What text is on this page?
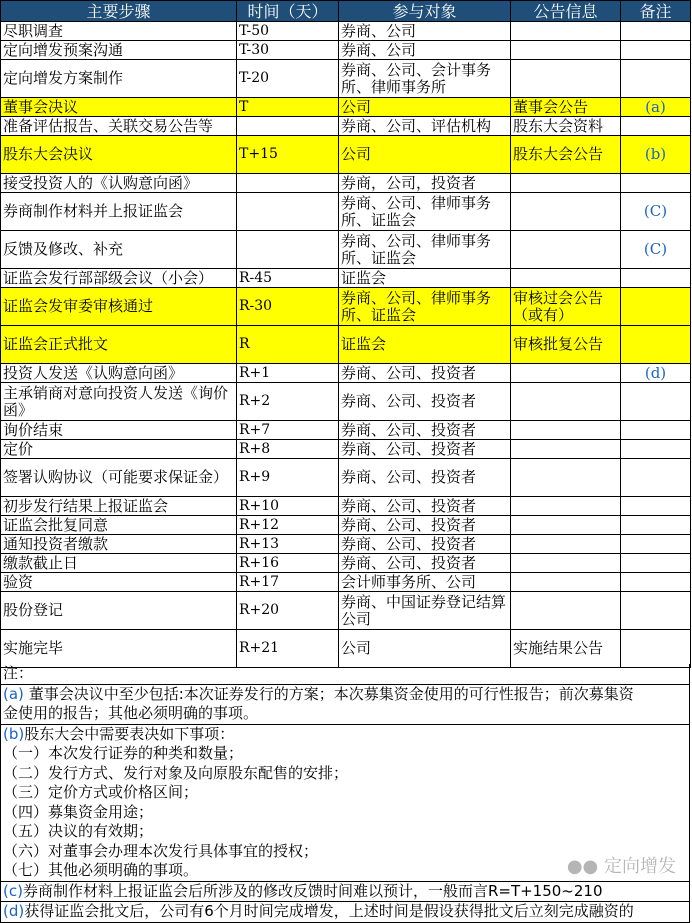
主要步骤	时间（天）	参与对象	公告信息	备注
尽职调查	T-50	券商、公司		
定向增发预案沟通	T-30	券商、公司		
定向增发方案制作	T-20	券商、公司、会计事务所、律师事务所		
董事会决议	T	公司	董事会公告	(a)
准备评估报告、关联交易公告等		券商、公司、评估机构	股东大会资料	
股东大会决议	T+15	公司	股东大会公告	(b)
接受投资人的《认购意向函》		券商，公司，投资者		
券商制作材料并上报证监会		券商、公司、律师事务所、证监会		(C)
反馈及修改、补充		券商、公司、律师事务所、证监会		(C)
证监会发行部部级会议（小会）	R-45	证监会		
证监会发审委审核通过	R-30	券商、公司、律师事务所、证监会	审核过会公告（或有）	
证监会正式批文	R	证监会	审核批复公告	
投资人发送《认购意向函》	R+1	券商、公司、投资者		(d)
主承销商对意向投资人发送《询价函》	R+2	券商、公司、投资者		
询价结束	R+7	券商、公司、投资者		
定价	R+8	券商、公司、投资者		
签署认购协议（可能要求保证金）	R+9	券商、公司、投资者		
初步发行结果上报证监会	R+10	券商、公司、投资者		
证监会批复同意	R+12	券商、公司、投资者		
通知投资者缴款	R+13	券商、公司、投资者		
缴款截止日	R+16	券商、公司、投资者		
验资	R+17	会计师事务所、公司		
股份登记	R+20	券商、中国证券登记结算公司		
实施完毕	R+21	公司	实施结果公告	
注：
(a) 董事会决议中至少包括:本次证券发行的方案；本次募集资金使用的可行性报告；前次募集资
金使用的报告；其他必须明确的事项。
(b)股东大会中需要表决如下事项：
（一）本次发行证券的种类和数量；
（二）发行方式、发行对象及向原股东配售的安排；
（三）定价方式或价格区间；
（四）募集资金用途；
（五）决议的有效期；
（六）对董事会办理本次发行具体事宜的授权；
（七）其他必须明确的事项。
(c)券商制作材料上报证监会后所涉及的修改反馈时间难以预计，一般而言R=T+150~210
(d)获得证监会批文后，公司有6个月时间完成增发，上述时间是假设获得批文后立刻完成融资的
●● 定向增发
